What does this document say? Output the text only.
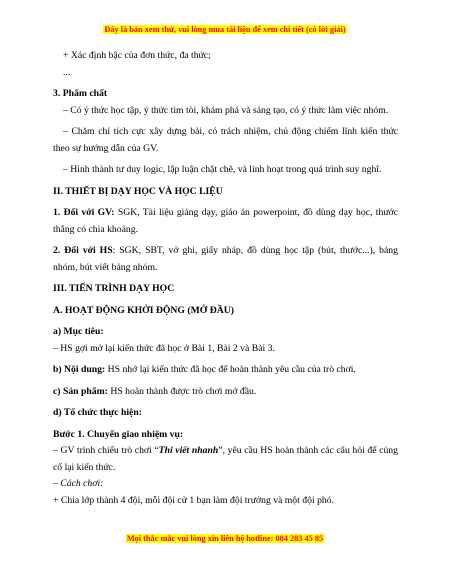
Đây là bản xem thử, vui lòng mua tài liệu để xem chi tiết (có lời giải)

+ Xác định bậc của đơn thức, đa thức;

...

3. Phẩm chất

– Có ý thức học tập, ý thức tìm tòi, khám phá và sáng tạo, có ý thức làm việc nhóm.

– Chăm chỉ tích cực xây dựng bài, có trách nhiệm, chủ động chiếm lĩnh kiến thức theo sự hướng dẫn của GV.

– Hình thành tư duy logic, lập luận chặt chẽ, và linh hoạt trong quá trình suy nghĩ.

II. THIẾT BỊ DẠY HỌC VÀ HỌC LIỆU

1. Đối với GV: SGK, Tài liệu giảng dạy, giáo án powerpoint, đồ dùng dạy học, thước thẳng có chia khoảng.

2. Đối với HS: SGK, SBT, vở ghi, giấy nháp, đồ dùng học tập (bút, thước...), bảng nhóm, bút viết bảng nhóm.

III. TIẾN TRÌNH DẠY HỌC

A. HOẠT ĐỘNG KHỞI ĐỘNG (MỞ ĐẦU)

a) Mục tiêu:

– HS gợi mở lại kiến thức đã học ở Bài 1, Bài 2 và Bài 3.

b) Nội dung: HS nhớ lại kiến thức đã học để hoàn thành yêu cầu của trò chơi.

c) Sản phẩm: HS hoàn thành được trò chơi mở đầu.

d) Tổ chức thực hiện:

Bước 1. Chuyển giao nhiệm vụ:

– GV trình chiếu trò chơi “Thi viết nhanh”, yêu cầu HS hoàn thành các câu hỏi để củng cố lại kiến thức.

– Cách chơi:

+ Chia lớp thành 4 đội, mỗi đội cử 1 bạn làm đội trưởng và một đội phó.

Mọi thắc mắc vui lòng xin liên hệ hotline: 084 283 45 85
